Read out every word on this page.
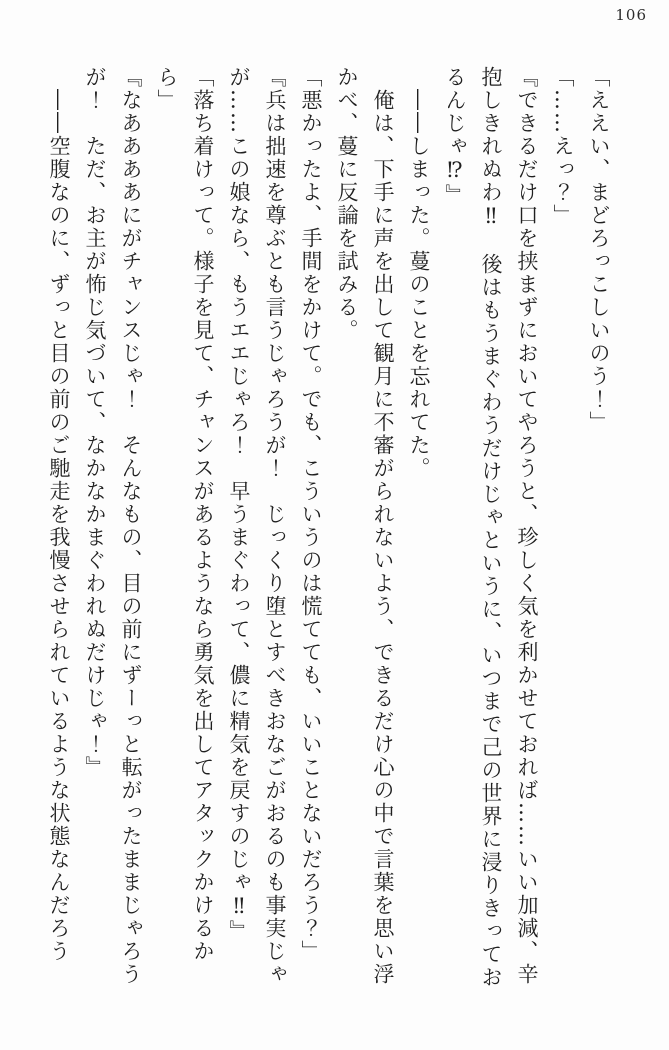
106

「ええい、まどろっこしいのう！」

「……えっ？」

『できるだけ口を挟まずにおいてやろうと、珍しく気を利かせておれば……いい加減、辛抱しきれぬわ‼　後はもうまぐわうだけじゃというに、いつまで己の世界に浸りきっておるんじゃ⁉』

――しまった。蔓のことを忘れてた。

俺は、下手に声を出して観月に不審がられないよう、できるだけ心の中で言葉を思い浮かべ、蔓に反論を試みる。

「悪かったよ、手間をかけて。でも、こういうのは慌てても、いいことないだろう？」

『兵は拙速を尊ぶとも言うじゃろうが！　じっくり堕とすべきおなごがおるのも事実じゃが……この娘なら、もうエエじゃろ！　早うまぐわって、儂に精気を戻すのじゃ‼』

「落ち着けって。様子を見て、チャンスがあるようなら勇気を出してアタックかけるから」

『なああああにがチャンスじゃ！　そんなもの、目の前にずーっと転がったままじゃろうが！　ただ、お主が怖じ気づいて、なかなかまぐわれぬだけじゃ！』

――空腹なのに、ずっと目の前のご馳走を我慢させられているような状態なんだろう
